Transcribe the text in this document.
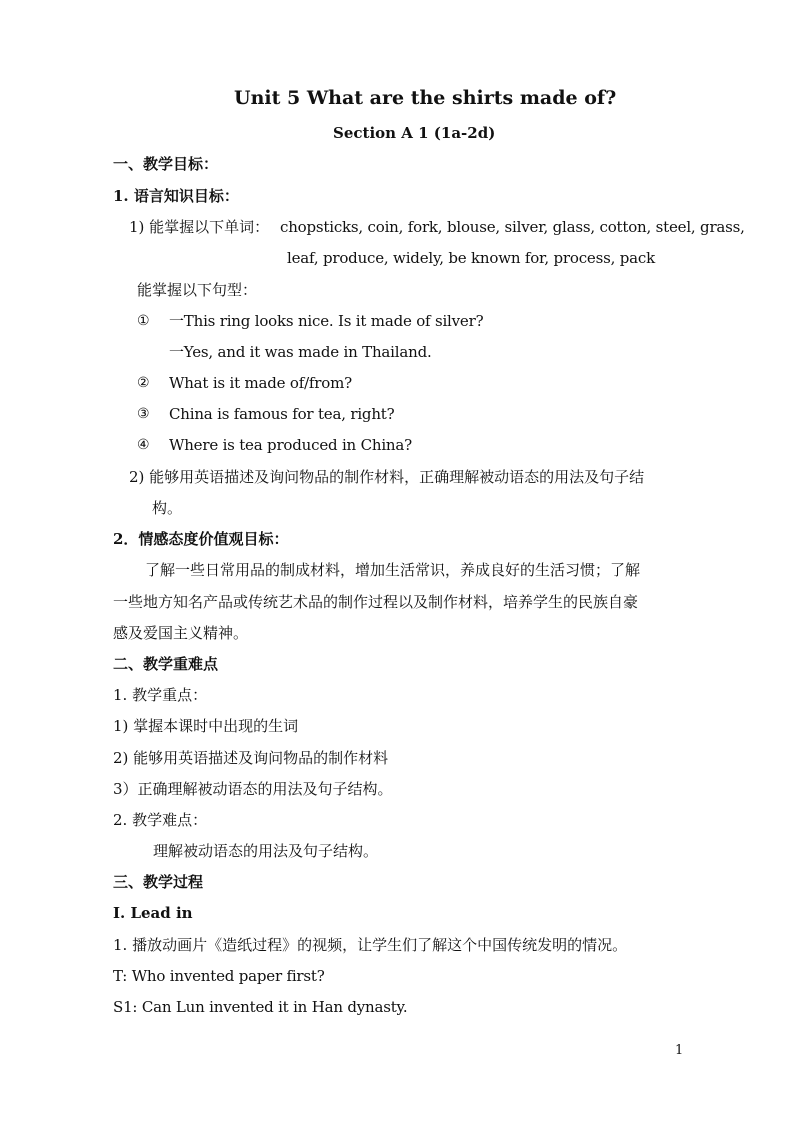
Unit 5 What are the shirts made of?
Section A 1 (1a-2d)
一、教学目标：
1. 语言知识目标：
1) 能掌握以下单词： chopsticks, coin, fork, blouse, silver, glass, cotton, steel, grass,
leaf, produce, widely, be known for, process, pack
能掌握以下句型：
① 一This ring looks nice. Is it made of silver?
一Yes, and it was made in Thailand.
② What is it made of/from?
③ China is famous for tea, right?
④ Where is tea produced in China?
2) 能够用英语描述及询问物品的制作材料，正确理解被动语态的用法及句子结
构。
2．情感态度价值观目标：
了解一些日常用品的制成材料，增加生活常识，养成良好的生活习惯；了解
一些地方知名产品或传统艺术品的制作过程以及制作材料，培养学生的民族自豪
感及爱国主义精神。
二、教学重难点
1. 教学重点：
1) 掌握本课时中出现的生词
2) 能够用英语描述及询问物品的制作材料
3）正确理解被动语态的用法及句子结构。
2. 教学难点：
理解被动语态的用法及句子结构。
三、教学过程
Ⅰ. Lead in
1. 播放动画片《造纸过程》的视频，让学生们了解这个中国传统发明的情况。
T: Who invented paper first?
S1: Can Lun invented it in Han dynasty.
1
